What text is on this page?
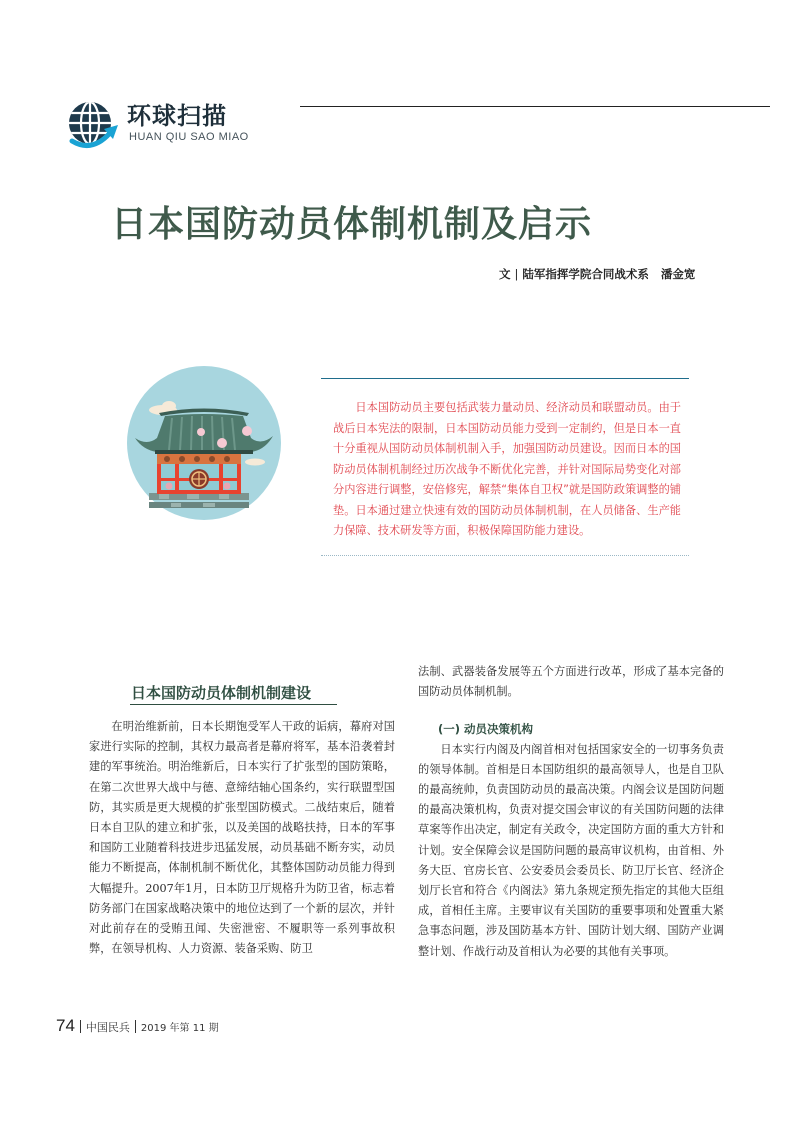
环球扫描
HUAN QIU SAO MIAO
日本国防动员体制机制及启示
文 | 陆军指挥学院合同战术系 潘金宽

日本国防动员主要包括武装力量动员、经济动员和联盟动员。由于战后日本宪法的限制，日本国防动员能力受到一定制约，但是日本一直十分重视从国防动员体制机制入手，加强国防动员建设。因而日本的国防动员体制机制经过历次战争不断优化完善，并针对国际局势变化对部分内容进行调整，安倍修宪，解禁“集体自卫权”就是国防政策调整的铺垫。日本通过建立快速有效的国防动员体制机制，在人员储备、生产能力保障、技术研发等方面，积极保障国防能力建设。

日本国防动员体制机制建设

在明治维新前，日本长期饱受军人干政的诟病，幕府对国家进行实际的控制，其权力最高者是幕府将军，基本沿袭着封建的军事统治。明治维新后，日本实行了扩张型的国防策略，在第二次世界大战中与德、意缔结轴心国条约，实行联盟型国防，其实质是更大规模的扩张型国防模式。二战结束后，随着日本自卫队的建立和扩张，以及美国的战略扶持，日本的军事和国防工业随着科技进步迅猛发展，动员基础不断夯实，动员能力不断提高，体制机制不断优化，其整体国防动员能力得到大幅提升。2007年1月，日本防卫厅规格升为防卫省，标志着防务部门在国家战略决策中的地位达到了一个新的层次，并针对此前存在的受贿丑闻、失密泄密、不履职等一系列事故积弊，在领导机构、人力资源、装备采购、防卫

法制、武器装备发展等五个方面进行改革，形成了基本完备的国防动员体制机制。

(一) 动员决策机构

日本实行内阁及内阁首相对包括国家安全的一切事务负责的领导体制。首相是日本国防组织的最高领导人，也是自卫队的最高统帅，负责国防动员的最高决策。内阁会议是国防问题的最高决策机构，负责对提交国会审议的有关国防问题的法律草案等作出决定，制定有关政令，决定国防方面的重大方针和计划。安全保障会议是国防问题的最高审议机构，由首相、外务大臣、官房长官、公安委员会委员长、防卫厅长官、经济企划厅长官和符合《内阁法》第九条规定预先指定的其他大臣组成，首相任主席。主要审议有关国防的重要事项和处置重大紧急事态问题，涉及国防基本方针、国防计划大纲、国防产业调整计划、作战行动及首相认为必要的其他有关事项。

74 中国民兵 2019 年第 11 期
